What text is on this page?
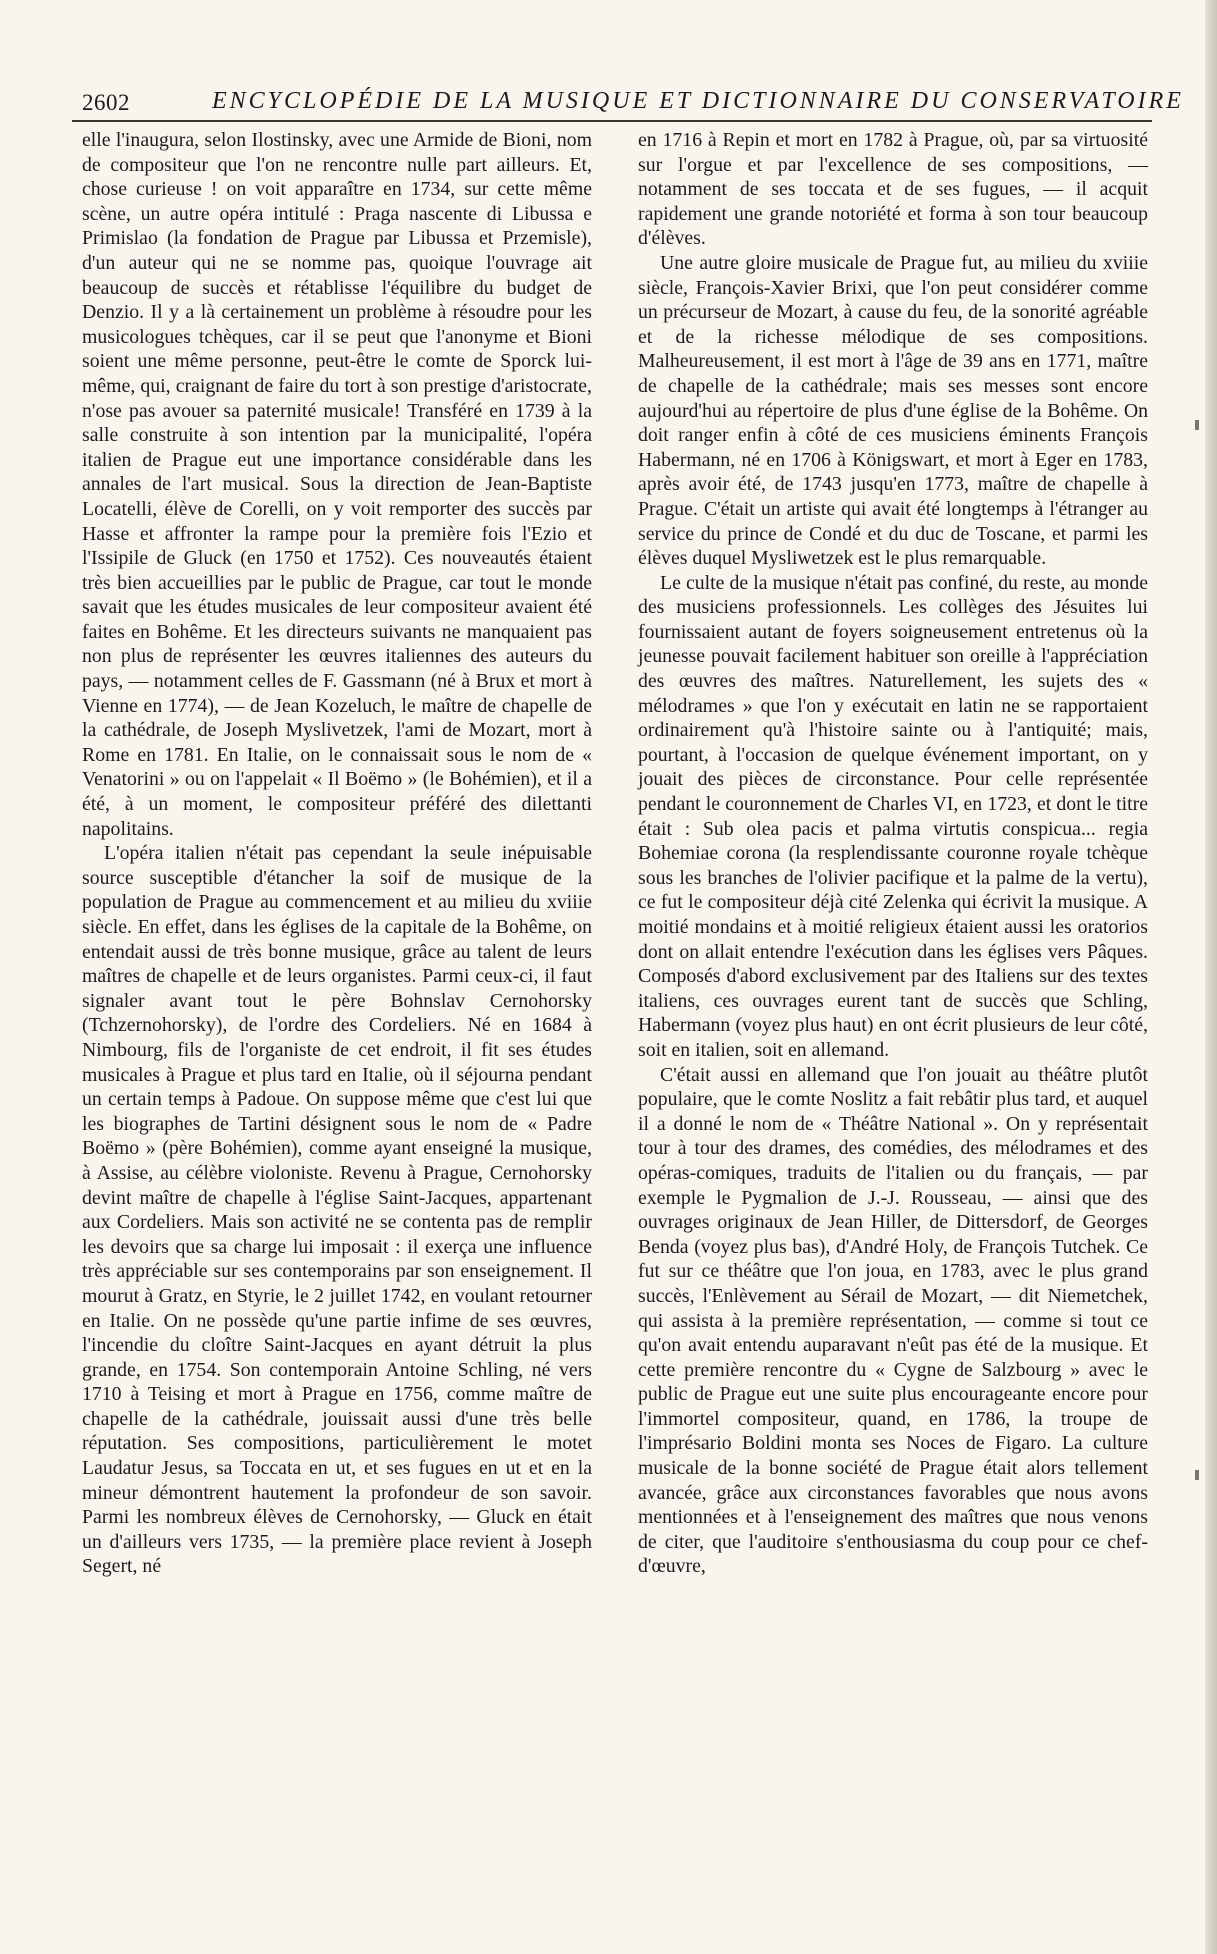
2602	ENCYCLOPÉDIE DE LA MUSIQUE ET DICTIONNAIRE DU CONSERVATOIRE

elle l'inaugura, selon Ilostinsky, avec une Armide de Bioni, nom de compositeur que l'on ne rencontre nulle part ailleurs. Et, chose curieuse ! on voit apparaître en 1734, sur cette même scène, un autre opéra intitulé : Praga nascente di Libussa e Primislao (la fondation de Prague par Libussa et Przemisle), d'un auteur qui ne se nomme pas, quoique l'ouvrage ait beaucoup de succès et rétablisse l'équilibre du budget de Denzio. Il y a là certainement un problème à résoudre pour les musicologues tchèques, car il se peut que l'anonyme et Bioni soient une même personne, peut-être le comte de Sporck lui-même, qui, craignant de faire du tort à son prestige d'aristocrate, n'ose pas avouer sa paternité musicale! Transféré en 1739 à la salle construite à son intention par la municipalité, l'opéra italien de Prague eut une importance considérable dans les annales de l'art musical. Sous la direction de Jean-Baptiste Locatelli, élève de Corelli, on y voit remporter des succès par Hasse et affronter la rampe pour la première fois l'Ezio et l'Issipile de Gluck (en 1750 et 1752). Ces nouveautés étaient très bien accueillies par le public de Prague, car tout le monde savait que les études musicales de leur compositeur avaient été faites en Bohême. Et les directeurs suivants ne manquaient pas non plus de représenter les œuvres italiennes des auteurs du pays, — notamment celles de F. Gassmann (né à Brux et mort à Vienne en 1774), — de Jean Kozeluch, le maître de chapelle de la cathédrale, de Joseph Myslivetzek, l'ami de Mozart, mort à Rome en 1781. En Italie, on le connaissait sous le nom de « Venatorini » ou on l'appelait « Il Boëmo » (le Bohémien), et il a été, à un moment, le compositeur préféré des dilettanti napolitains.

L'opéra italien n'était pas cependant la seule inépuisable source susceptible d'étancher la soif de musique de la population de Prague au commencement et au milieu du xviiie siècle. En effet, dans les églises de la capitale de la Bohême, on entendait aussi de très bonne musique, grâce au talent de leurs maîtres de chapelle et de leurs organistes. Parmi ceux-ci, il faut signaler avant tout le père Bohnslav Cernohorsky (Tchzernohorsky), de l'ordre des Cordeliers. Né en 1684 à Nimbourg, fils de l'organiste de cet endroit, il fit ses études musicales à Prague et plus tard en Italie, où il séjourna pendant un certain temps à Padoue. On suppose même que c'est lui que les biographes de Tartini désignent sous le nom de « Padre Boëmo » (père Bohémien), comme ayant enseigné la musique, à Assise, au célèbre violoniste. Revenu à Prague, Cernohorsky devint maître de chapelle à l'église Saint-Jacques, appartenant aux Cordeliers. Mais son activité ne se contenta pas de remplir les devoirs que sa charge lui imposait : il exerça une influence très appréciable sur ses contemporains par son enseignement. Il mourut à Gratz, en Styrie, le 2 juillet 1742, en voulant retourner en Italie. On ne possède qu'une partie infime de ses œuvres, l'incendie du cloître Saint-Jacques en ayant détruit la plus grande, en 1754. Son contemporain Antoine Schling, né vers 1710 à Teising et mort à Prague en 1756, comme maître de chapelle de la cathédrale, jouissait aussi d'une très belle réputation. Ses compositions, particulièrement le motet Laudatur Jesus, sa Toccata en ut, et ses fugues en ut et en la mineur démontrent hautement la profondeur de son savoir. Parmi les nombreux élèves de Cernohorsky, — Gluck en était un d'ailleurs vers 1735, — la première place revient à Joseph Segert, né

en 1716 à Repin et mort en 1782 à Prague, où, par sa virtuosité sur l'orgue et par l'excellence de ses compositions, — notamment de ses toccata et de ses fugues, — il acquit rapidement une grande notoriété et forma à son tour beaucoup d'élèves.

Une autre gloire musicale de Prague fut, au milieu du xviiie siècle, François-Xavier Brixi, que l'on peut considérer comme un précurseur de Mozart, à cause du feu, de la sonorité agréable et de la richesse mélodique de ses compositions. Malheureusement, il est mort à l'âge de 39 ans en 1771, maître de chapelle de la cathédrale; mais ses messes sont encore aujourd'hui au répertoire de plus d'une église de la Bohême. On doit ranger enfin à côté de ces musiciens éminents François Habermann, né en 1706 à Königswart, et mort à Eger en 1783, après avoir été, de 1743 jusqu'en 1773, maître de chapelle à Prague. C'était un artiste qui avait été longtemps à l'étranger au service du prince de Condé et du duc de Toscane, et parmi les élèves duquel Mysliwetzek est le plus remarquable.

Le culte de la musique n'était pas confiné, du reste, au monde des musiciens professionnels. Les collèges des Jésuites lui fournissaient autant de foyers soigneusement entretenus où la jeunesse pouvait facilement habituer son oreille à l'appréciation des œuvres des maîtres. Naturellement, les sujets des « mélodrames » que l'on y exécutait en latin ne se rapportaient ordinairement qu'à l'histoire sainte ou à l'antiquité; mais, pourtant, à l'occasion de quelque événement important, on y jouait des pièces de circonstance. Pour celle représentée pendant le couronnement de Charles VI, en 1723, et dont le titre était : Sub olea pacis et palma virtutis conspicua... regia Bohemiae corona (la resplendissante couronne royale tchèque sous les branches de l'olivier pacifique et la palme de la vertu), ce fut le compositeur déjà cité Zelenka qui écrivit la musique. A moitié mondains et à moitié religieux étaient aussi les oratorios dont on allait entendre l'exécution dans les églises vers Pâques. Composés d'abord exclusivement par des Italiens sur des textes italiens, ces ouvrages eurent tant de succès que Schling, Habermann (voyez plus haut) en ont écrit plusieurs de leur côté, soit en italien, soit en allemand.

C'était aussi en allemand que l'on jouait au théâtre plutôt populaire, que le comte Noslitz a fait rebâtir plus tard, et auquel il a donné le nom de « Théâtre National ». On y représentait tour à tour des drames, des comédies, des mélodrames et des opéras-comiques, traduits de l'italien ou du français, — par exemple le Pygmalion de J.-J. Rousseau, — ainsi que des ouvrages originaux de Jean Hiller, de Dittersdorf, de Georges Benda (voyez plus bas), d'André Holy, de François Tutchek. Ce fut sur ce théâtre que l'on joua, en 1783, avec le plus grand succès, l'Enlèvement au Sérail de Mozart, — dit Niemetchek, qui assista à la première représentation, — comme si tout ce qu'on avait entendu auparavant n'eût pas été de la musique. Et cette première rencontre du « Cygne de Salzbourg » avec le public de Prague eut une suite plus encourageante encore pour l'immortel compositeur, quand, en 1786, la troupe de l'imprésario Boldini monta ses Noces de Figaro. La culture musicale de la bonne société de Prague était alors tellement avancée, grâce aux circonstances favorables que nous avons mentionnées et à l'enseignement des maîtres que nous venons de citer, que l'auditoire s'enthousiasma du coup pour ce chef-d'œuvre,
